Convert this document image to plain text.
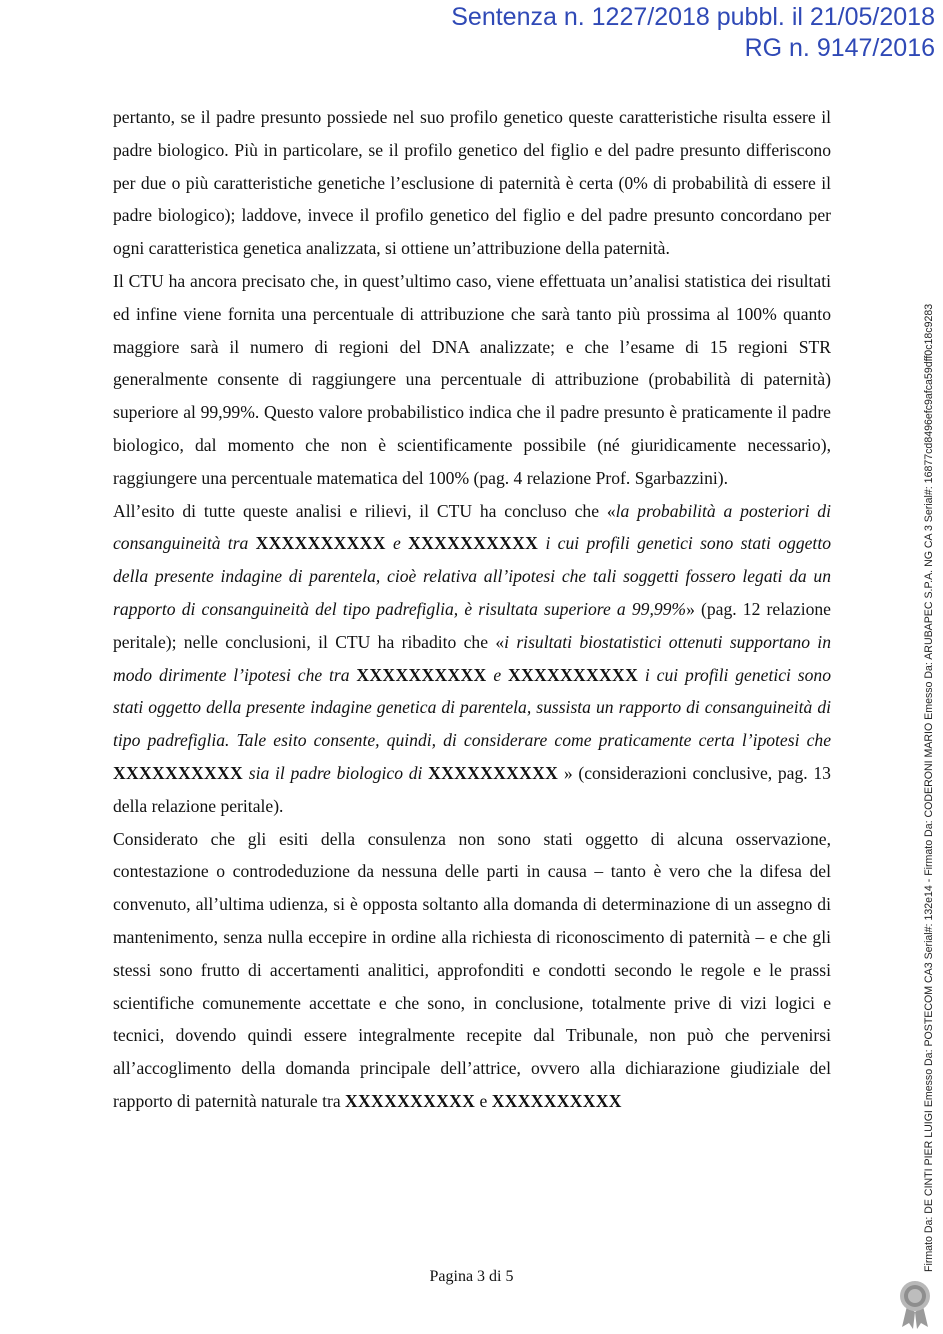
Sentenza n. 1227/2018 pubbl. il 21/05/2018
RG n. 9147/2016

pertanto, se il padre presunto possiede nel suo profilo genetico queste caratteristiche risulta essere il padre biologico. Più in particolare, se il profilo genetico del figlio e del padre presunto differiscono per due o più caratteristiche genetiche l’esclusione di paternità è certa (0% di probabilità di essere il padre biologico); laddove, invece il profilo genetico del figlio e del padre presunto concordano per ogni caratteristica genetica analizzata, si ottiene un’attribuzione della paternità.

Il CTU ha ancora precisato che, in quest’ultimo caso, viene effettuata un’analisi statistica dei risultati ed infine viene fornita una percentuale di attribuzione che sarà tanto più prossima al 100% quanto maggiore sarà il numero di regioni del DNA analizzate; e che l’esame di 15 regioni STR generalmente consente di raggiungere una percentuale di attribuzione (probabilità di paternità) superiore al 99,99%. Questo valore probabilistico indica che il padre presunto è praticamente il padre biologico, dal momento che non è scientificamente possibile (né giuridicamente necessario), raggiungere una percentuale matematica del 100% (pag. 4 relazione Prof. Sgarbazzini).

All’esito di tutte queste analisi e rilievi, il CTU ha concluso che «la probabilità a posteriori di consanguineità tra XXXXXXXXXX e XXXXXXXXXX i cui profili genetici sono stati oggetto della presente indagine di parentela, cioè relativa all’ipotesi che tali soggetti fossero legati da un rapporto di consanguineità del tipo padrefiglia, è risultata superiore a 99,99%» (pag. 12 relazione peritale); nelle conclusioni, il CTU ha ribadito che «i risultati biostatistici ottenuti supportano in modo dirimente l’ipotesi che tra XXXXXXXXXX e XXXXXXXXXX i cui profili genetici sono stati oggetto della presente indagine genetica di parentela, sussista un rapporto di consanguineità di tipo padrefiglia. Tale esito consente, quindi, di considerare come praticamente certa l’ipotesi che XXXXXXXXXX sia il padre biologico di XXXXXXXXXX » (considerazioni conclusive, pag. 13 della relazione peritale).

Considerato che gli esiti della consulenza non sono stati oggetto di alcuna osservazione, contestazione o controdeduzione da nessuna delle parti in causa – tanto è vero che la difesa del convenuto, all’ultima udienza, si è opposta soltanto alla domanda di determinazione di un assegno di mantenimento, senza nulla eccepire in ordine alla richiesta di riconoscimento di paternità – e che gli stessi sono frutto di accertamenti analitici, approfonditi e condotti secondo le regole e le prassi scientifiche comunemente accettate e che sono, in conclusione, totalmente prive di vizi logici e tecnici, dovendo quindi essere integralmente recepite dal Tribunale, non può che pervenirsi all’accoglimento della domanda principale dell’attrice, ovvero alla dichiarazione giudiziale del rapporto di paternità naturale tra XXXXXXXXXX e XXXXXXXXXX

Pagina 3 di 5
Firmato Da: DE CINTI PIER LUIGI Emesso Da: POSTECOM CA3 Serial#: 132e14 - Firmato Da: CODERONI MARIO Emesso Da: ARUBAPEC S.P.A. NG CA 3 Serial#: 16877cd8496efc9afca59dff0c18c9283
